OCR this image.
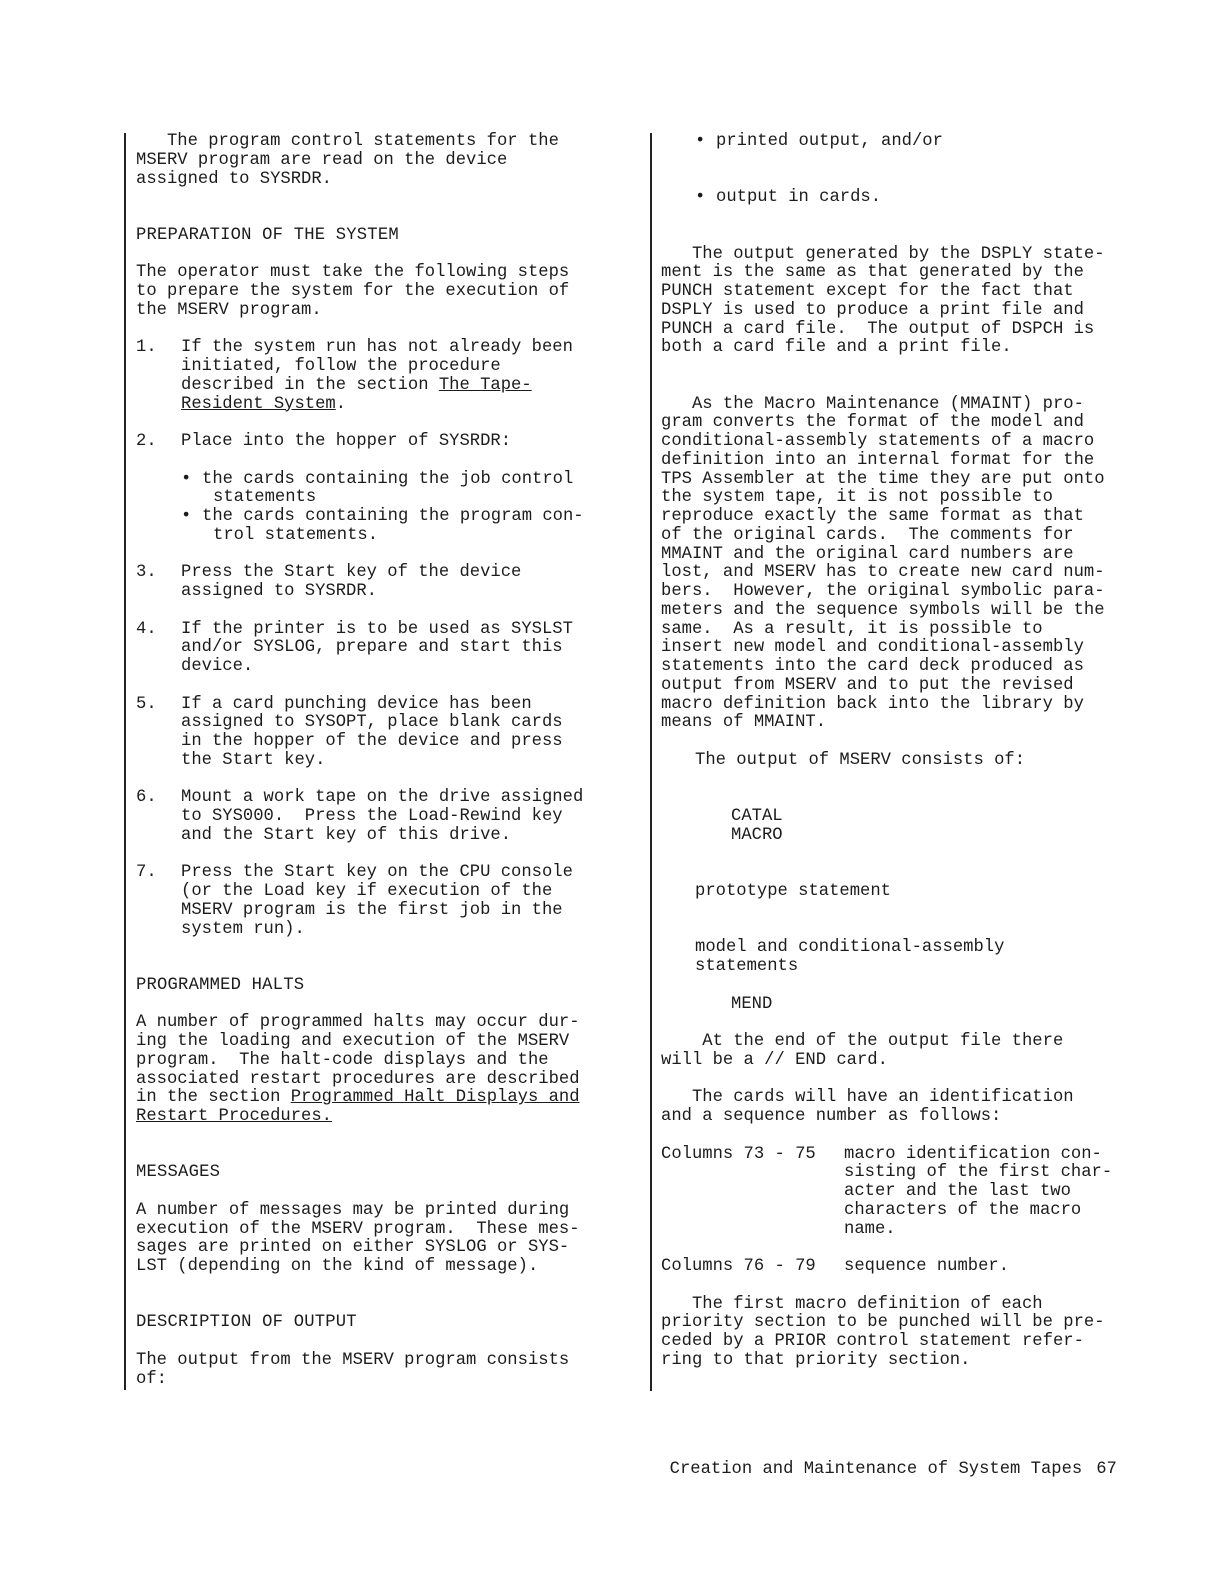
The program control statements for the
MSERV program are read on the device
assigned to SYSRDR.
PREPARATION OF THE SYSTEM
The operator must take the following steps
to prepare the system for the execution of
the MSERV program.
1.	If the system run has not already been
initiated, follow the procedure
described in the section The Tape-
Resident System.
2.	Place into the hopper of SYSRDR:
• the cards containing the job control
statements
• the cards containing the program con-
trol statements.
3.	Press the Start key of the device
assigned to SYSRDR.
4.	If the printer is to be used as SYSLST
and/or SYSLOG, prepare and start this
device.
5.	If a card punching device has been
assigned to SYSOPT, place blank cards
in the hopper of the device and press
the Start key.
6.	Mount a work tape on the drive assigned
to SYS000.  Press the Load-Rewind key
and the Start key of this drive.
7.	Press the Start key on the CPU console
(or the Load key if execution of the
MSERV program is the first job in the
system run).
PROGRAMMED HALTS
A number of programmed halts may occur dur-
ing the loading and execution of the MSERV
program.  The halt-code displays and the
associated restart procedures are described
in the section Programmed Halt Displays and
Restart Procedures.
MESSAGES
A number of messages may be printed during
execution of the MSERV program.  These mes-
sages are printed on either SYSLOG or SYS-
LST (depending on the kind of message).
DESCRIPTION OF OUTPUT
The output from the MSERV program consists
of:
• printed output, and/or
• output in cards.
The output generated by the DSPLY state-
ment is the same as that generated by the
PUNCH statement except for the fact that
DSPLY is used to produce a print file and
PUNCH a card file.  The output of DSPCH is
both a card file and a print file.
As the Macro Maintenance (MMAINT) pro-
gram converts the format of the model and
conditional-assembly statements of a macro
definition into an internal format for the
TPS Assembler at the time they are put onto
the system tape, it is not possible to
reproduce exactly the same format as that
of the original cards.  The comments for
MMAINT and the original card numbers are
lost, and MSERV has to create new card num-
bers.  However, the original symbolic para-
meters and the sequence symbols will be the
same.  As a result, it is possible to
insert new model and conditional-assembly
statements into the card deck produced as
output from MSERV and to put the revised
macro definition back into the library by
means of MMAINT.
The output of MSERV consists of:
CATAL
MACRO
prototype statement
model and conditional-assembly
statements
MEND
At the end of the output file there
will be a // END card.
The cards will have an identification
and a sequence number as follows:
Columns 73 - 75	macro identification con-
sisting of the first char-
acter and the last two
characters of the macro
name.
Columns 76 - 79	sequence number.
The first macro definition of each
priority section to be punched will be pre-
ceded by a PRIOR control statement refer-
ring to that priority section.

Creation and Maintenance of System Tapes 67
